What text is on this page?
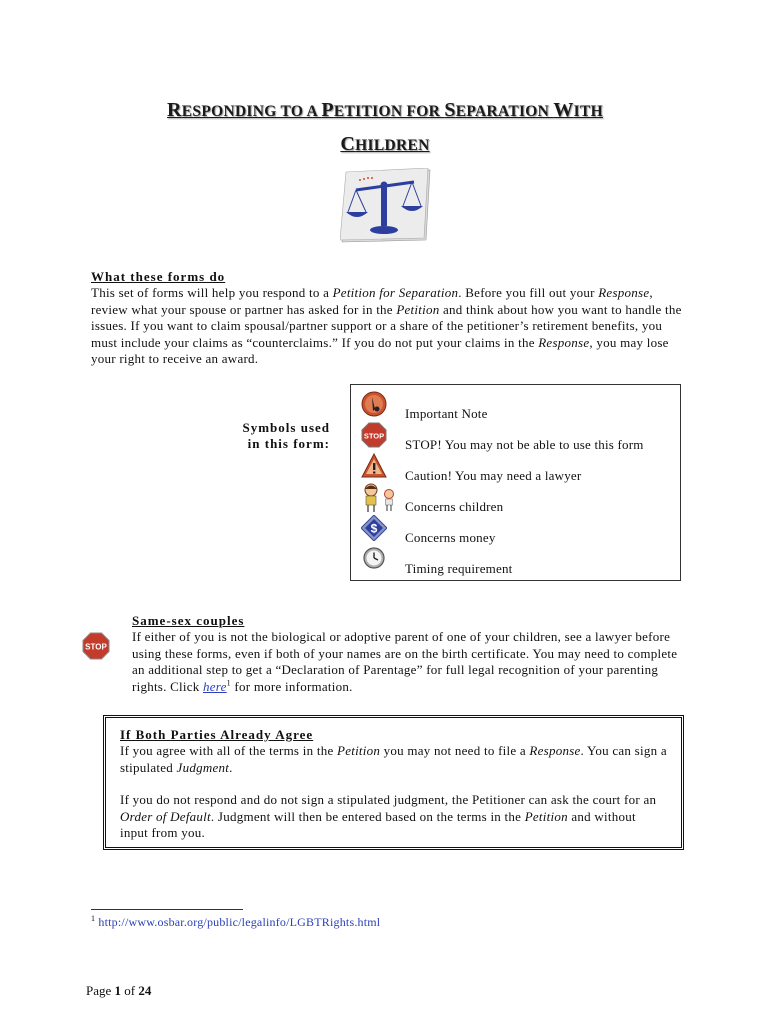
RESPONDING TO A PETITION FOR SEPARATION WITH
CHILDREN
What these forms do
This set of forms will help you respond to a Petition for Separation. Before you fill out your Response, review what your spouse or partner has asked for in the Petition and think about how you want to handle the issues. If you want to claim spousal/partner support or a share of the petitioner’s retirement benefits, you must include your claims as “counterclaims.” If you do not put your claims in the Response, you may lose your right to receive an award.
Symbols used
in this form:
Important Note
STOP
STOP! You may not be able to use this form
Caution! You may need a lawyer
Concerns children
$
Concerns money
Timing requirement
STOP
Same-sex couples
If either of you is not the biological or adoptive parent of one of your children, see a lawyer before using these forms, even if both of your names are on the birth certificate. You may need to complete an additional step to get a “Declaration of Parentage” for full legal recognition of your parenting rights. Click here$^1$ for more information.
If Both Parties Already Agree
If you agree with all of the terms in the Petition you may not need to file a Response. You can sign a stipulated Judgment.
If you do not respond and do not sign a stipulated judgment, the Petitioner can ask the court for an Order of Default. Judgment will then be entered based on the terms in the Petition and without input from you.
$^1$ http://www.osbar.org/public/legalinfo/LGBTRights.html
Page 1 of 24
